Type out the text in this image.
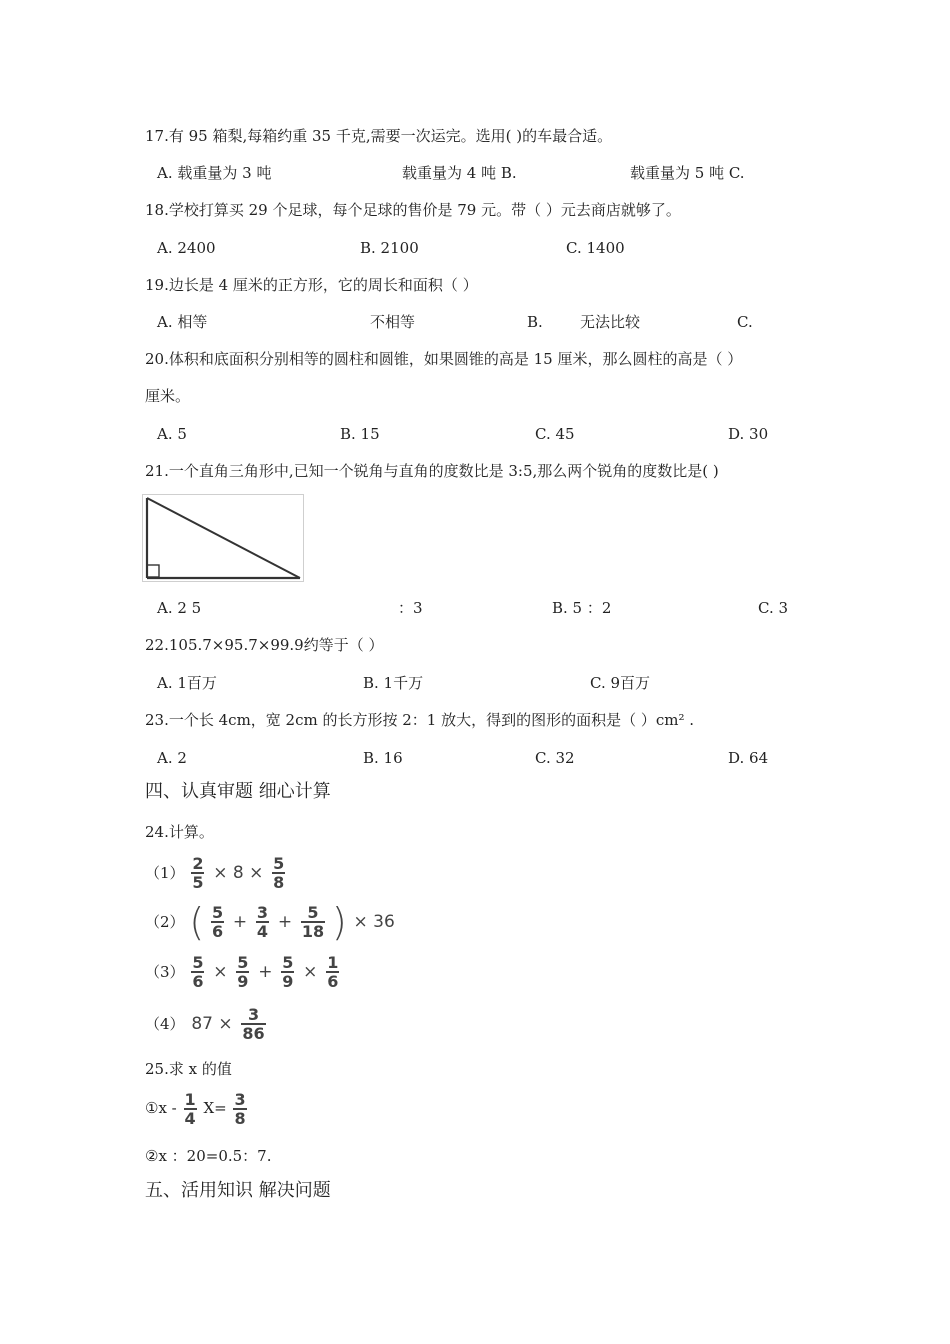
17.有 95 箱梨,每箱约重 35 千克,需要一次运完。选用( )的车最合适。
A. 载重量为 3 吨	载重量为 4 吨 B.	载重量为 5 吨 C.
18.学校打算买 29 个足球，每个足球的售价是 79 元。带（ ）元去商店就够了。
A. 2400	B. 2100	C. 1400
19.边长是 4 厘米的正方形，它的周长和面积（ ）
A. 相等	不相等	B. 无法比较	C.
20.体积和底面积分别相等的圆柱和圆锥，如果圆锥的高是 15 厘米，那么圆柱的高是（ ）
厘米。
A. 5	B. 15	C. 45	D. 30
21.一个直角三角形中,已知一个锐角与直角的度数比是 3:5,那么两个锐角的度数比是( )
A. 2 5	：3	B. 5 ：2	C. 3
22.105.7×95.7×99.9约等于（ ）
A. 1百万	B. 1千万	C. 9百万
23.一个长 4cm，宽 2cm 的长方形按 2：1 放大，得到的图形的面积是（ ）cm² .
A. 2	B. 16	C. 32	D. 64
四、认真审题 细心计算
24.计算。
$(1) \frac{2}{5} \times 8 \times \frac{5}{8}$
（2） ( $\frac{5}{6} + \frac{3}{4} + \frac{5}{18}$ ) × 36
$(3) \frac{5}{6} \times \frac{5}{9} + \frac{5}{9} \times \frac{1}{6}$
（4） $87 \times \frac{3}{86}$
25.求 x 的值
①x - $\frac{1}{4} X= \frac{3}{8}$
②x ：20=0.5：7.
五、活用知识 解决问题
